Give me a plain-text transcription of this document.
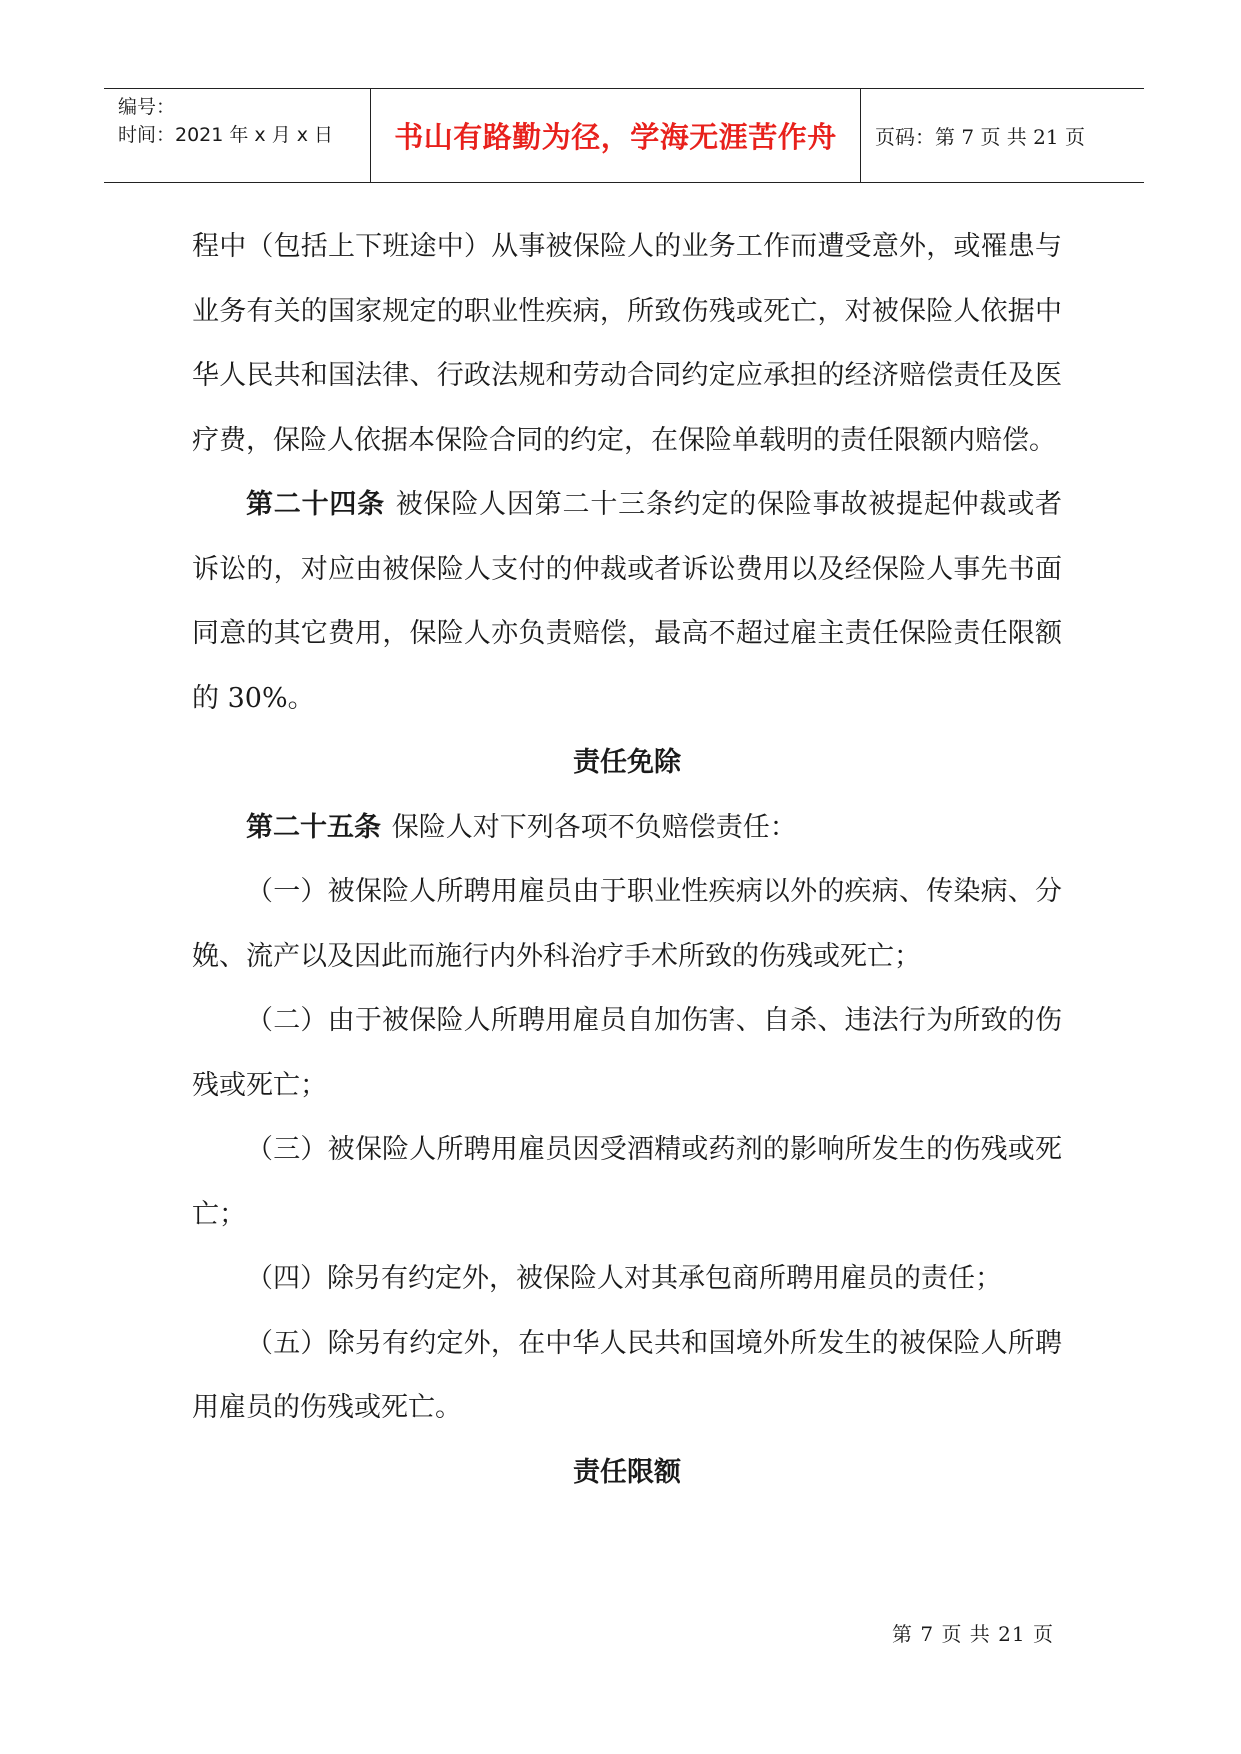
编号：
时间：2021 年 x 月 x 日	书山有路勤为径，学海无涯苦作舟	页码：第 7 页 共 21 页

程中（包括上下班途中）从事被保险人的业务工作而遭受意外，或罹患与业务有关的国家规定的职业性疾病，所致伤残或死亡，对被保险人依据中华人民共和国法律、行政法规和劳动合同约定应承担的经济赔偿责任及医疗费，保险人依据本保险合同的约定，在保险单载明的责任限额内赔偿。

第二十四条 被保险人因第二十三条约定的保险事故被提起仲裁或者诉讼的，对应由被保险人支付的仲裁或者诉讼费用以及经保险人事先书面同意的其它费用，保险人亦负责赔偿，最高不超过雇主责任保险责任限额的 30%。

责任免除

第二十五条 保险人对下列各项不负赔偿责任：

（一）被保险人所聘用雇员由于职业性疾病以外的疾病、传染病、分娩、流产以及因此而施行内外科治疗手术所致的伤残或死亡；

（二）由于被保险人所聘用雇员自加伤害、自杀、违法行为所致的伤残或死亡；

（三）被保险人所聘用雇员因受酒精或药剂的影响所发生的伤残或死亡；

（四）除另有约定外，被保险人对其承包商所聘用雇员的责任；

（五）除另有约定外，在中华人民共和国境外所发生的被保险人所聘用雇员的伤残或死亡。

责任限额

第 7 页 共 21 页
